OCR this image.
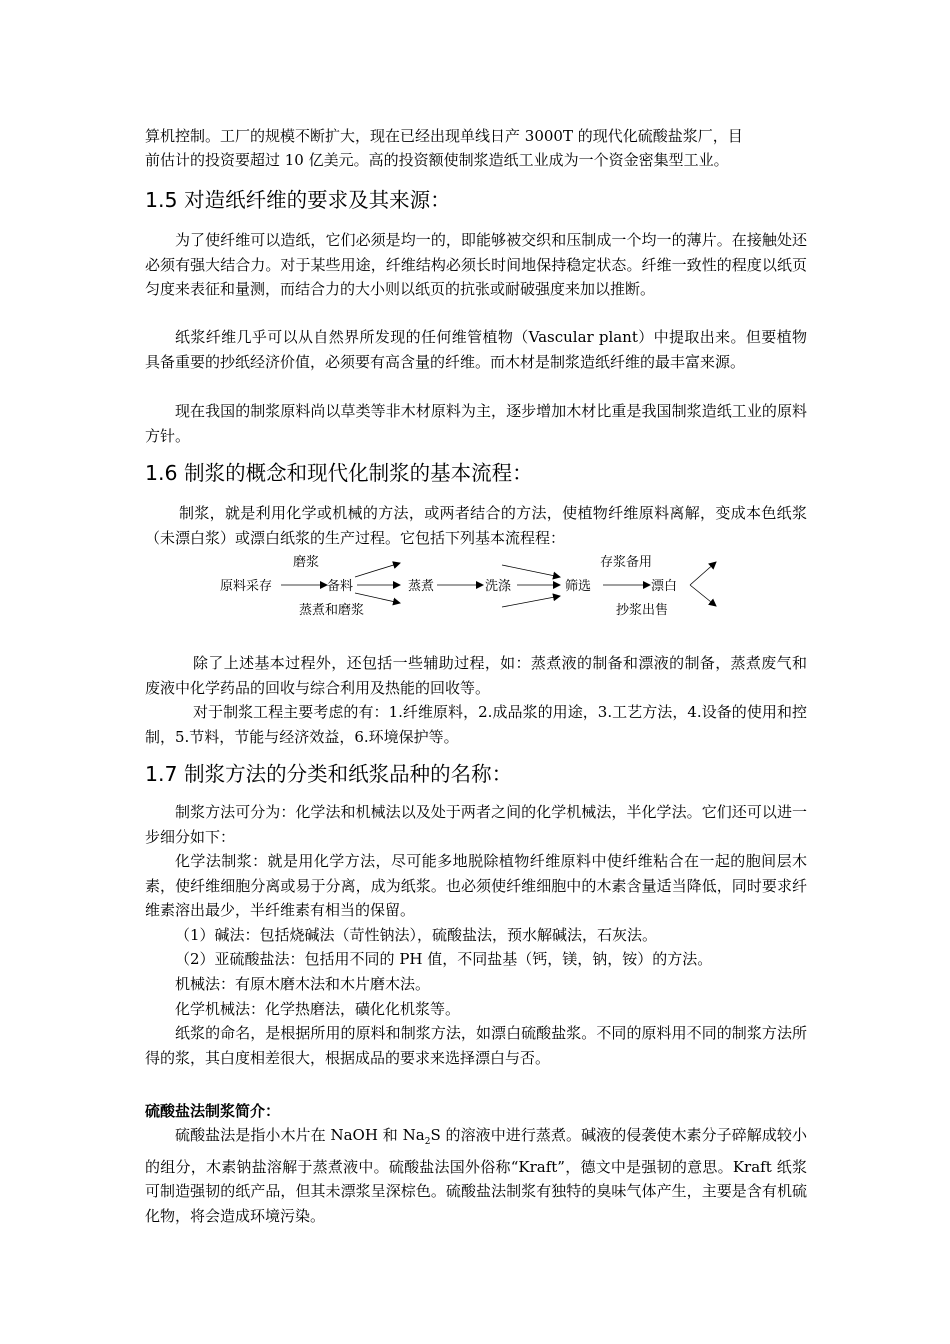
算机控制。工厂的规模不断扩大，现在已经出现单线日产 3000T 的现代化硫酸盐浆厂，目
前估计的投资要超过 10 亿美元。高的投资额使制浆造纸工业成为一个资金密集型工业。
1.5 对造纸纤维的要求及其来源：

为了使纤维可以造纸，它们必须是均一的，即能够被交织和压制成一个均一的薄片。在接触处还必须有强大结合力。对于某些用途，纤维结构必须长时间地保持稳定状态。纤维一致性的程度以纸页匀度来表征和量测，而结合力的大小则以纸页的抗张或耐破强度来加以推断。

纸浆纤维几乎可以从自然界所发现的任何维管植物（Vascular plant）中提取出来。但要植物具备重要的抄纸经济价值，必须要有高含量的纤维。而木材是制浆造纸纤维的最丰富来源。

现在我国的制浆原料尚以草类等非木材原料为主，逐步增加木材比重是我国制浆造纸工业的原料方针。

1.6 制浆的概念和现代化制浆的基本流程：

制浆，就是利用化学或机械的方法，或两者结合的方法，使植物纤维原料离解，变成本色纸浆（未漂白浆）或漂白纸浆的生产过程。它包括下列基本流程程：

磨浆
原料采存	备料	蒸煮
蒸煮和磨浆
洗涤	筛选	漂白
存浆备用
抄浆出售

除了上述基本过程外，还包括一些辅助过程，如：蒸煮液的制备和漂液的制备，蒸煮废气和废液中化学药品的回收与综合利用及热能的回收等。

对于制浆工程主要考虑的有：1.纤维原料，2.成品浆的用途，3.工艺方法，4.设备的使用和控制，5.节料，节能与经济效益，6.环境保护等。

1.7 制浆方法的分类和纸浆品种的名称：

制浆方法可分为：化学法和机械法以及处于两者之间的化学机械法，半化学法。它们还可以进一步细分如下：

化学法制浆：就是用化学方法，尽可能多地脱除植物纤维原料中使纤维粘合在一起的胞间层木素，使纤维细胞分离或易于分离，成为纸浆。也必须使纤维细胞中的木素含量适当降低，同时要求纤维素溶出最少，半纤维素有相当的保留。

（1）碱法：包括烧碱法（苛性钠法），硫酸盐法，预水解碱法，石灰法。
（2）亚硫酸盐法：包括用不同的 PH 值，不同盐基（钙，镁，钠，铵）的方法。
机械法：有原木磨木法和木片磨木法。
化学机械法：化学热磨法，磺化化机浆等。

纸浆的命名，是根据所用的原料和制浆方法，如漂白硫酸盐浆。不同的原料用不同的制浆方法所得的浆，其白度相差很大，根据成品的要求来选择漂白与否。

硫酸盐法制浆简介：

硫酸盐法是指小木片在 NaOH 和 $Na_2S$ 的溶液中进行蒸煮。碱液的侵袭使木素分子碎解成较小的组分，木素钠盐溶解于蒸煮液中。硫酸盐法国外俗称“Kraft”，德文中是强韧的意思。Kraft 纸浆可制造强韧的纸产品，但其未漂浆呈深棕色。硫酸盐法制浆有独特的臭味气体产生，主要是含有机硫化物，将会造成环境污染。
